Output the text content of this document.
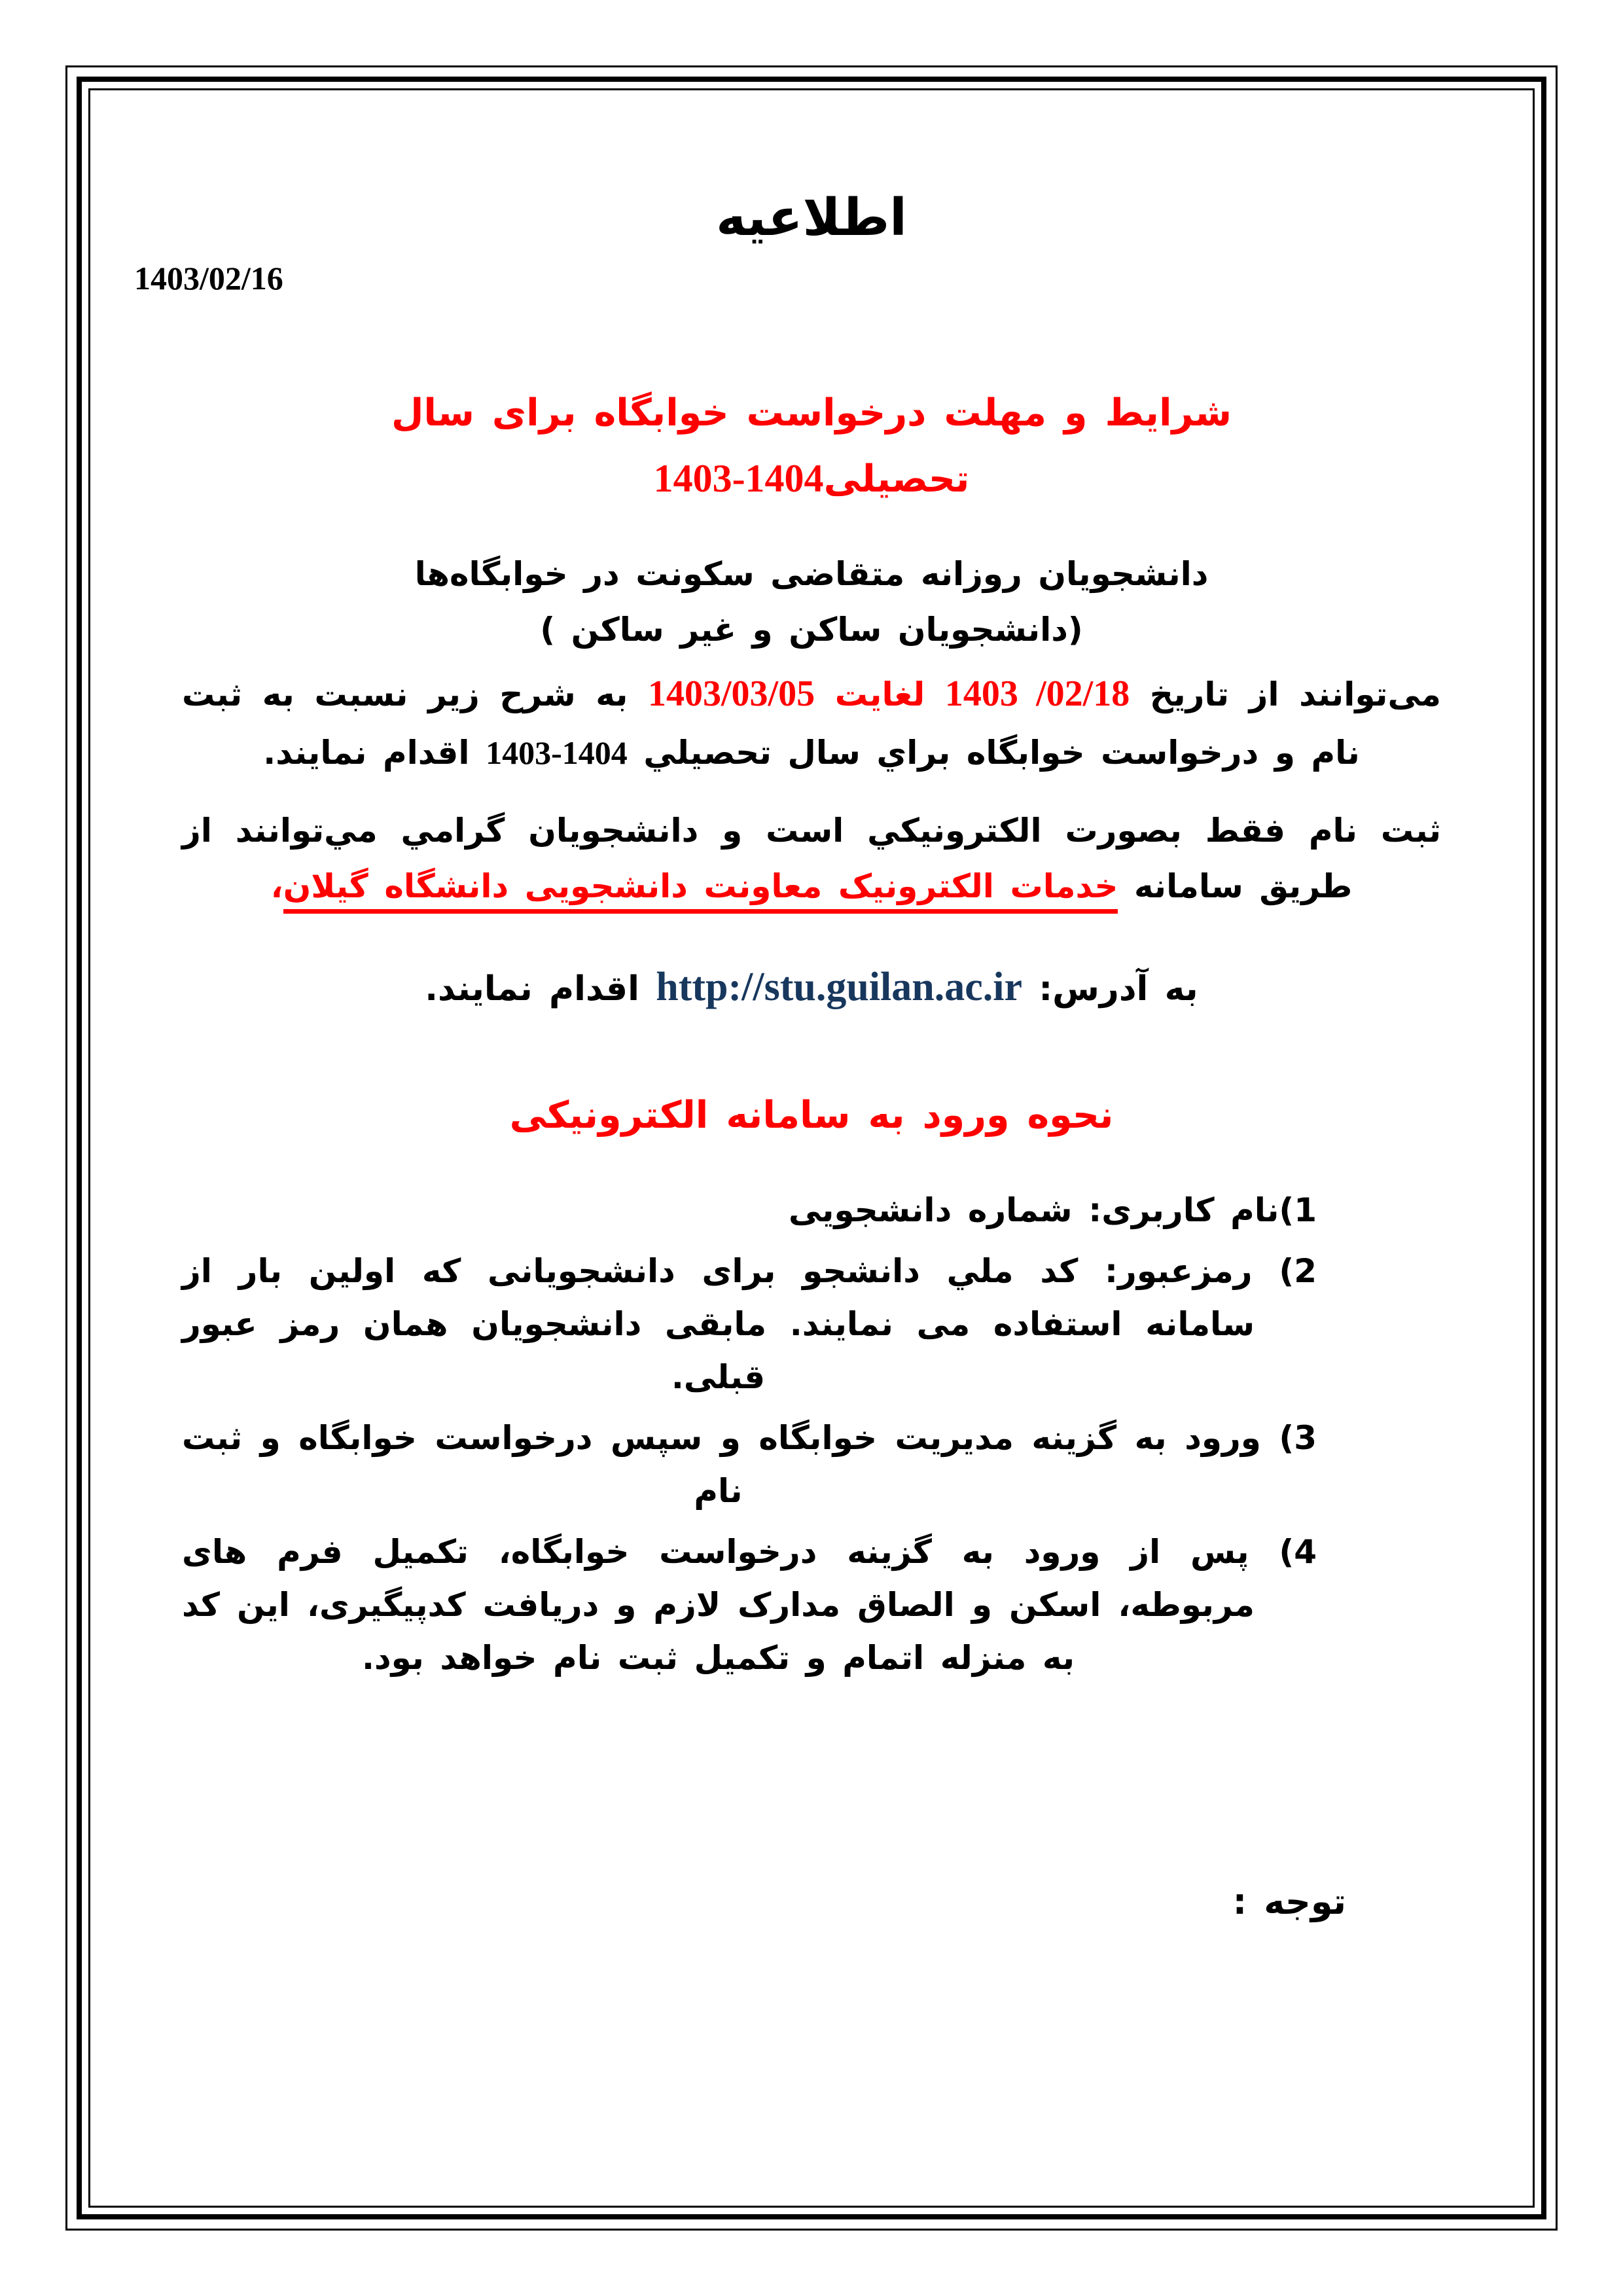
اطلاعیه
1403/02/16
شرایط و مهلت درخواست خوابگاه برای سال
تحصیلی1403-1404
دانشجویان روزانه متقاضی سکونت در خوابگاه‌ها
(دانشجویان ساکن و غیر ساکن )
می‌توانند از تاریخ 1403 /02/18 لغایت 1403/03/05 به شرح زیر نسبت به ثبت نام و درخواست خوابگاه براي سال تحصیلي 1403-1404 اقدام نمایند.
ثبت نام فقط بصورت الکترونیکي است و دانشجویان گرامي مي‌توانند از طریق سامانه خدمات الکترونیک معاونت دانشجویی دانشگاه گیلان،
به آدرس: http://stu.guilan.ac.ir اقدام نمایند.
نحوه ورود به سامانه الکترونیکی
1)نام کاربری: شماره دانشجویی
2) رمزعبور: کد ملي دانشجو برای دانشجویانی که اولین بار از سامانه استفاده می نمایند. مابقی دانشجویان همان رمز عبور قبلی.
3) ورود به گزینه مدیریت خوابگاه و سپس درخواست خوابگاه و ثبت نام
4) پس از ورود به گزینه درخواست خوابگاه، تکمیل فرم های مربوطه، اسکن و الصاق مدارک لازم و دریافت کدپیگیری، این کد به منزله اتمام و تکمیل ثبت نام خواهد بود.
توجه :
